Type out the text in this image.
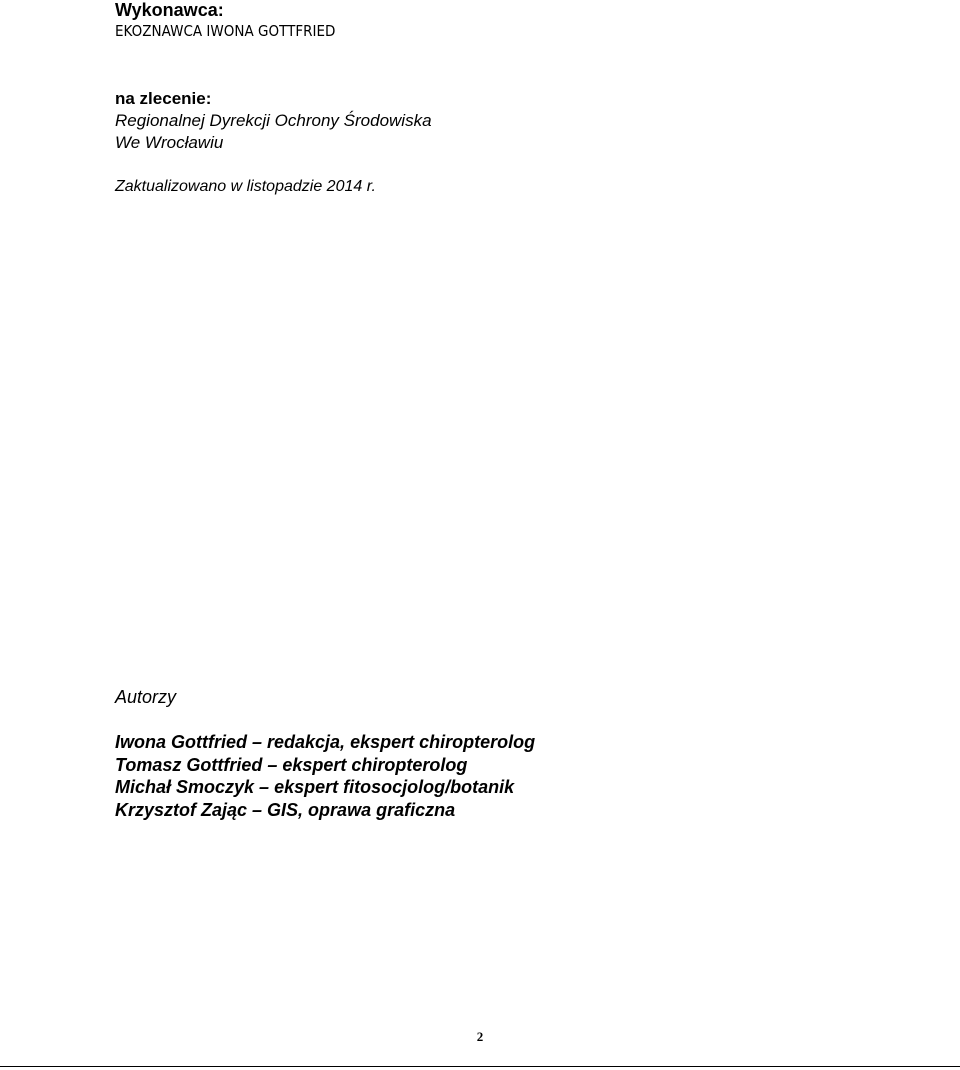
Wykonawca:
EKOZNAWCA IWONA GOTTFRIED
na zlecenie:
Regionalnej Dyrekcji Ochrony Środowiska
We Wrocławiu
Zaktualizowano w listopadzie 2014 r.
Autorzy
Iwona Gottfried – redakcja, ekspert chiropterolog
Tomasz Gottfried – ekspert chiropterolog
Michał Smoczyk – ekspert fitosocjolog/botanik
Krzysztof Zając – GIS, oprawa graficzna
2
